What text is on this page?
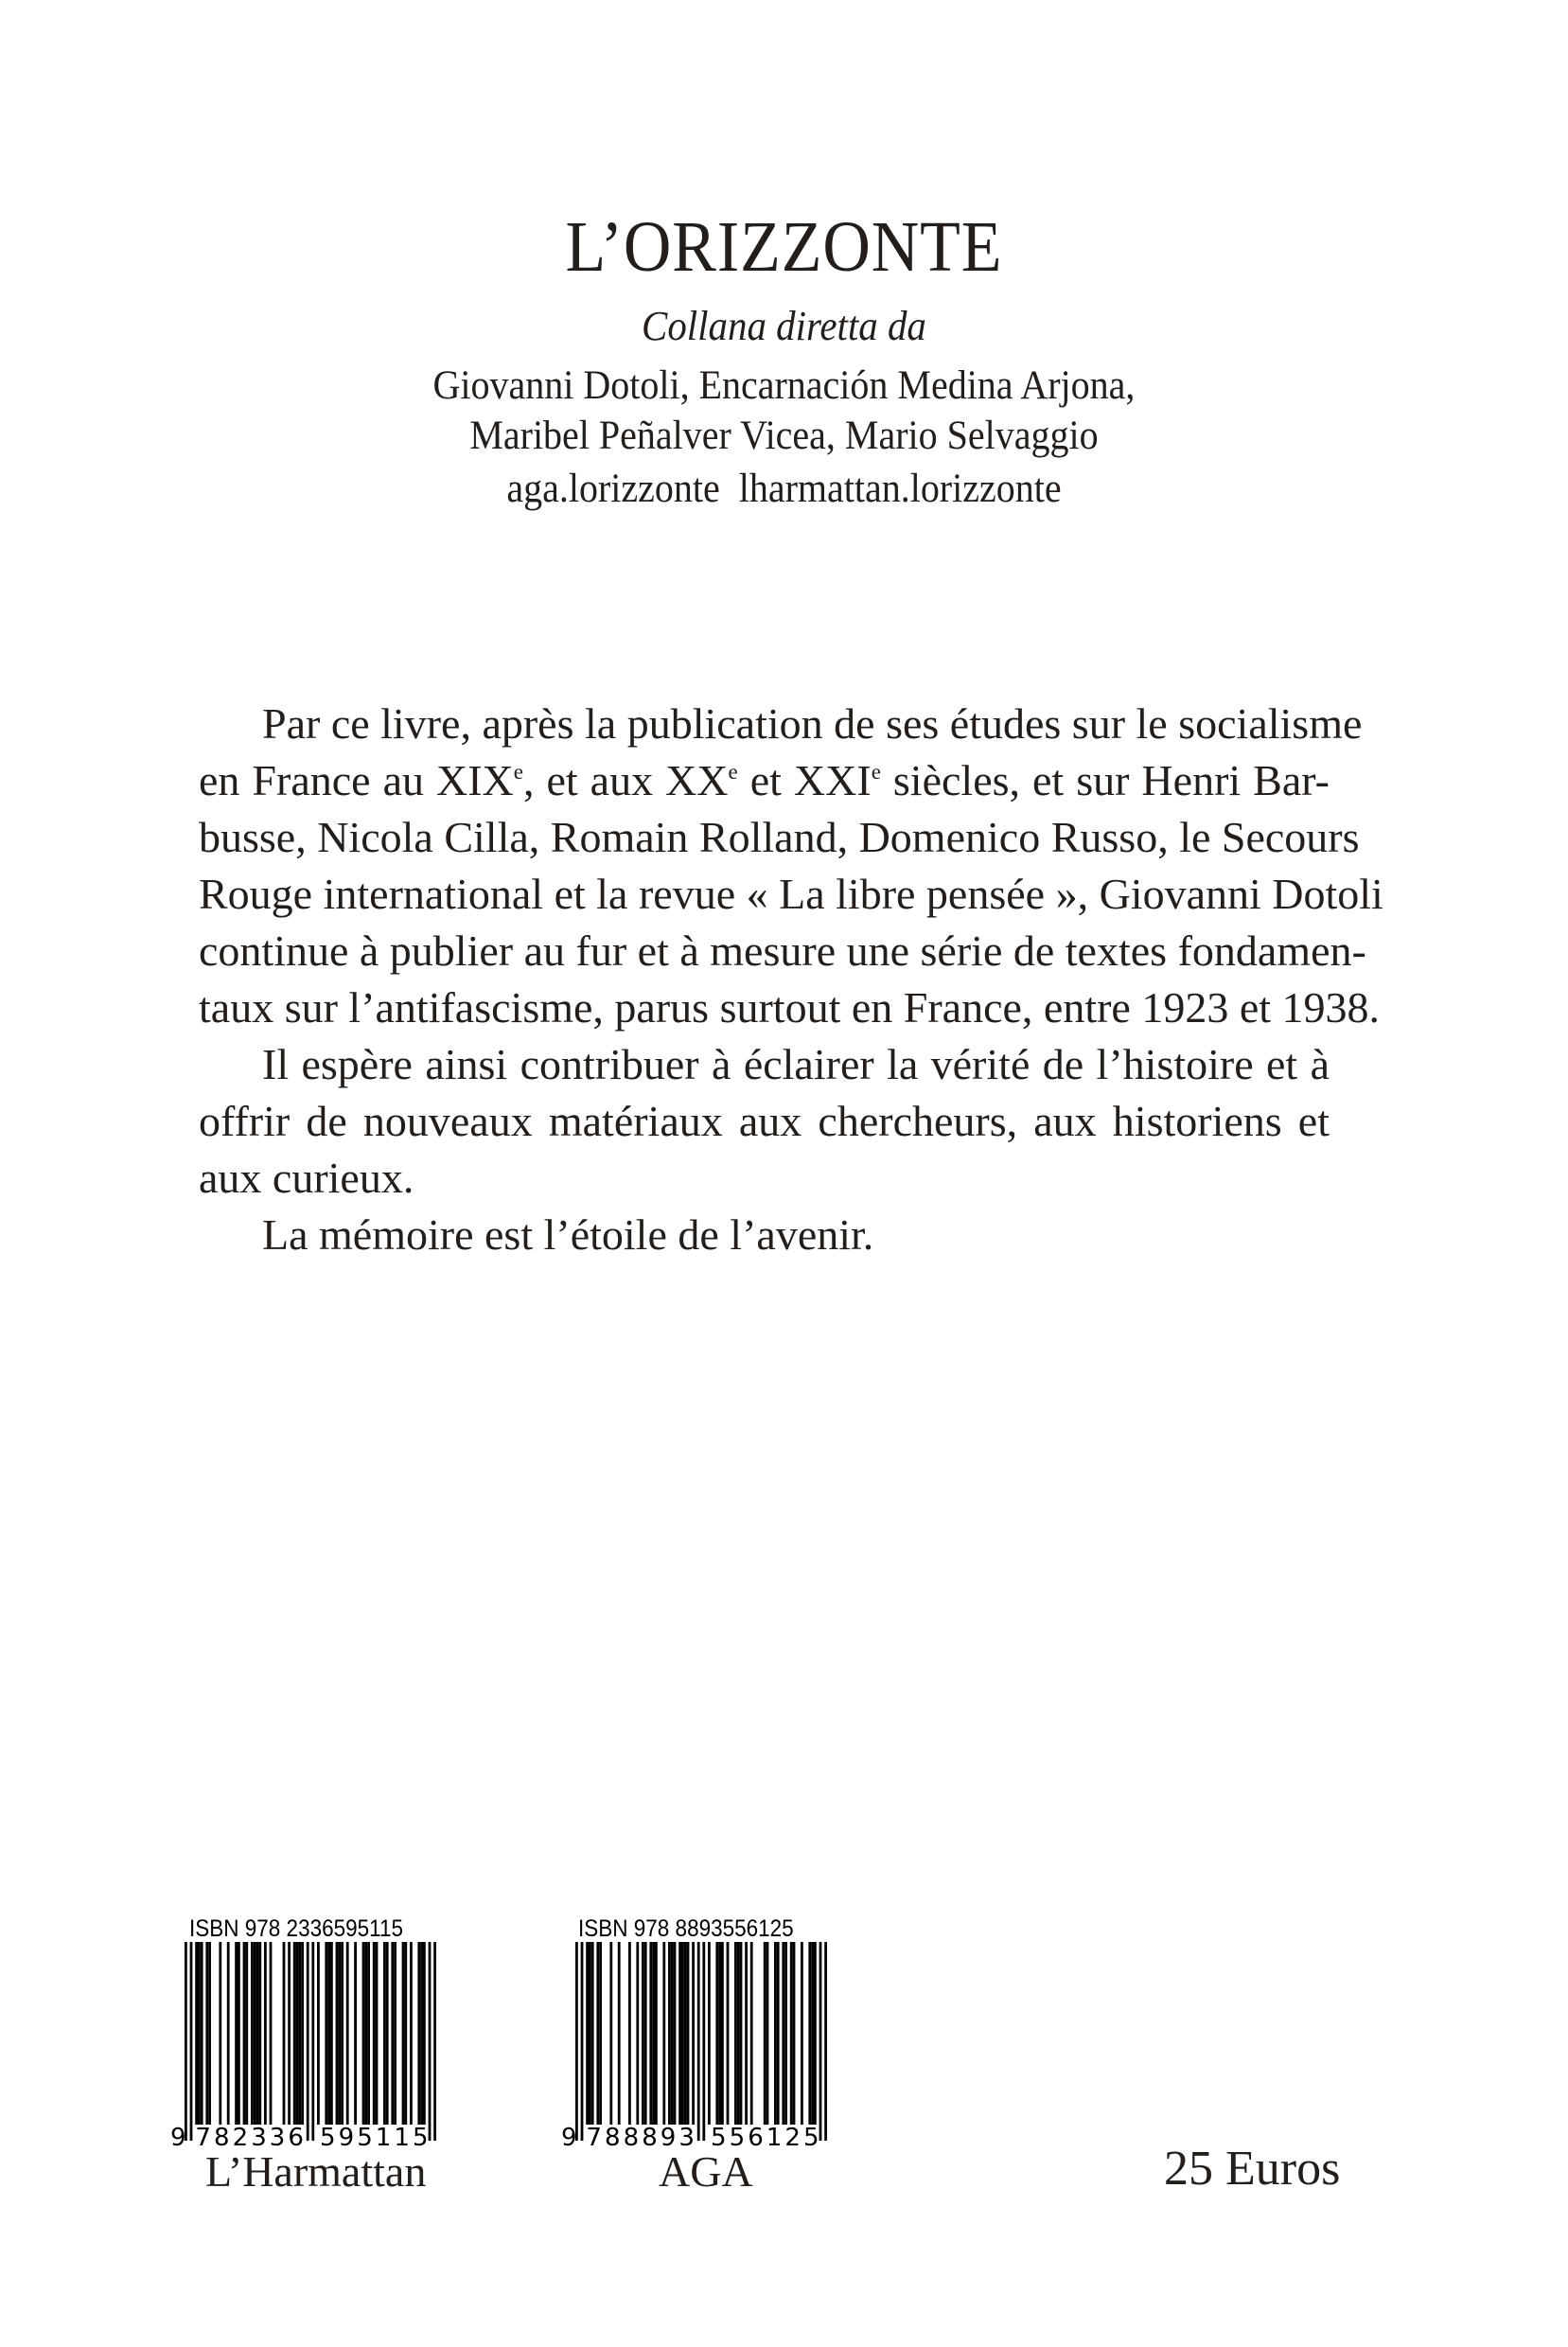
L’ORIZZONTE
Collana diretta da
Giovanni Dotoli, Encarnación Medina Arjona,
Maribel Peñalver Vicea, Mario Selvaggio
aga.lorizzonte lharmattan.lorizzonte
Par ce livre, après la publication de ses études sur le socialisme
en France au XIXe, et aux XXe et XXIe siècles, et sur Henri Bar-
busse, Nicola Cilla, Romain Rolland, Domenico Russo, le Secours
Rouge international et la revue « La libre pensée », Giovanni Dotoli
continue à publier au fur et à mesure une série de textes fondamen-
taux sur l’antifascisme, parus surtout en France, entre 1923 et 1938.
Il espère ainsi contribuer à éclairer la vérité de l’histoire et à
offrir de nouveaux matériaux aux chercheurs, aux historiens et
aux curieux.
La mémoire est l’étoile de l’avenir.
ISBN 978 2336595115
9 7 8 2 3 3 6 5 9 5 1 1 5
L’Harmattan
ISBN 978 8893556125
9 7 8 8 8 9 3 5 5 6 1 2 5
AGA	25 Euros
